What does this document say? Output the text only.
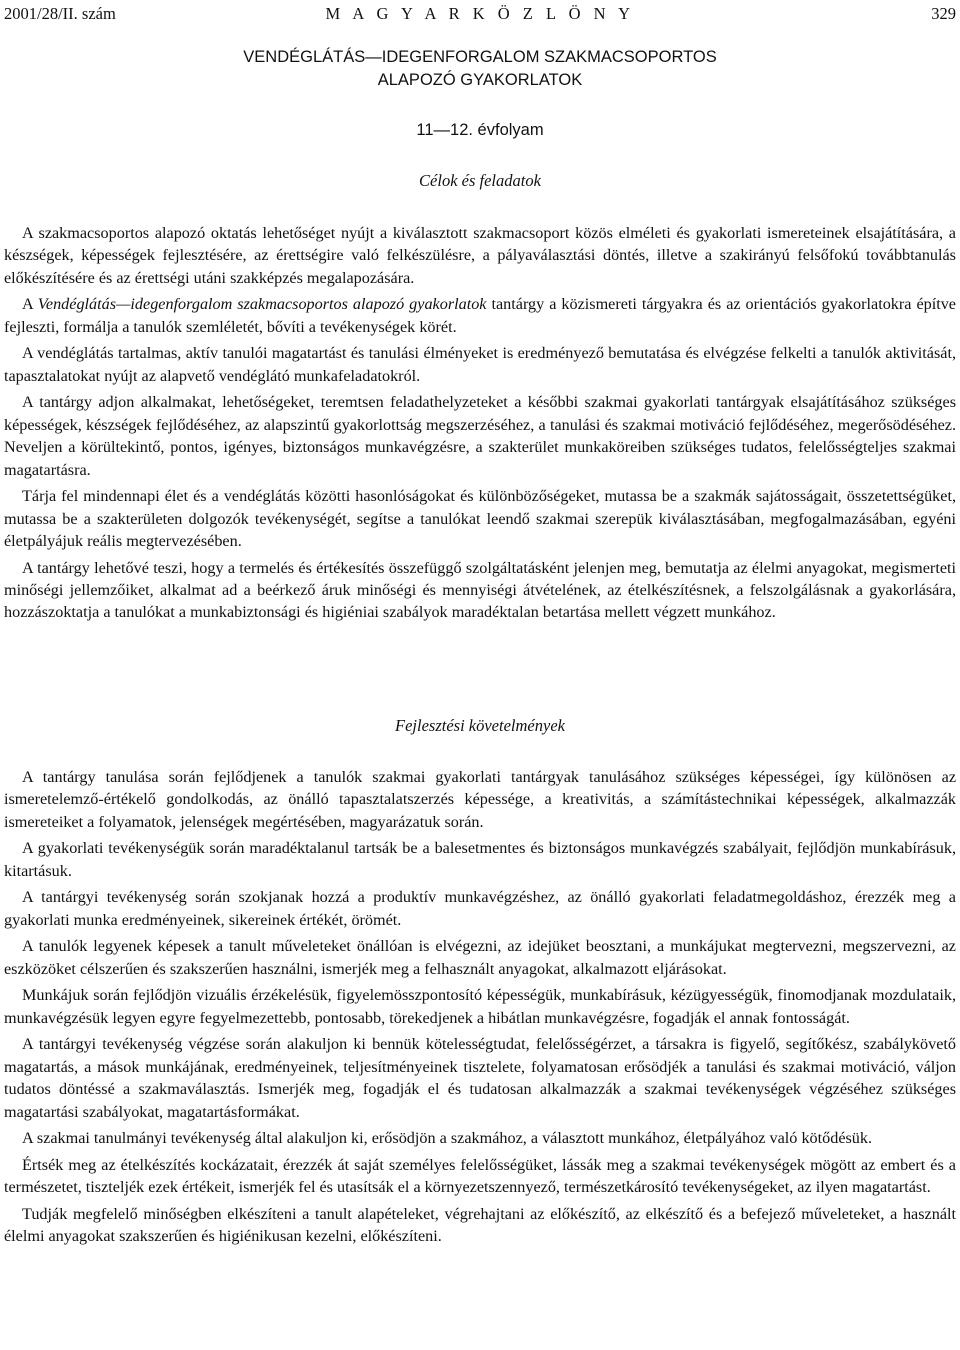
2001/28/II. szám	M A G Y A R K Ö Z L Ö N Y	329
VENDÉGLÁTÁS—IDEGENFORGALOM SZAKMACSOPORTOS
ALAPOZÓ GYAKORLATOK
11—12. évfolyam
Célok és feladatok

A szakmacsoportos alapozó oktatás lehetőséget nyújt a kiválasztott szakmacsoport közös elméleti és gyakorlati ismereteinek elsajátítására, a készségek, képességek fejlesztésére, az érettségire való felkészülésre, a pályaválasztási döntés, illetve a szakirányú felsőfokú továbbtanulás előkészítésére és az érettségi utáni szakképzés megalapozására.

A Vendéglátás—idegenforgalom szakmacsoportos alapozó gyakorlatok tantárgy a közismereti tárgyakra és az orientációs gyakorlatokra építve fejleszti, formálja a tanulók szemléletét, bővíti a tevékenységek körét.

A vendéglátás tartalmas, aktív tanulói magatartást és tanulási élményeket is eredményező bemutatása és elvégzése felkelti a tanulók aktivitását, tapasztalatokat nyújt az alapvető vendéglátó munkafeladatokról.

A tantárgy adjon alkalmakat, lehetőségeket, teremtsen feladathelyzeteket a későbbi szakmai gyakorlati tantárgyak elsajátításához szükséges képességek, készségek fejlődéséhez, az alapszintű gyakorlottság megszerzéséhez, a tanulási és szakmai motiváció fejlődéséhez, megerősödéséhez. Neveljen a körültekintő, pontos, igényes, biztonságos munkavégzésre, a szakterület munkaköreiben szükséges tudatos, felelősségteljes szakmai magatartásra.

Tárja fel mindennapi élet és a vendéglátás közötti hasonlóságokat és különbözőségeket, mutassa be a szakmák sajátosságait, összetettségüket, mutassa be a szakterületen dolgozók tevékenységét, segítse a tanulókat leendő szakmai szerepük kiválasztásában, megfogalmazásában, egyéni életpályájuk reális megtervezésében.

A tantárgy lehetővé teszi, hogy a termelés és értékesítés összefüggő szolgáltatásként jelenjen meg, bemutatja az élelmi anyagokat, megismerteti minőségi jellemzőiket, alkalmat ad a beérkező áruk minőségi és mennyiségi átvételének, az ételkészítésnek, a felszolgálásnak a gyakorlására, hozzászoktatja a tanulókat a munkabiztonsági és higiéniai szabályok maradéktalan betartása mellett végzett munkához.

Fejlesztési követelmények

A tantárgy tanulása során fejlődjenek a tanulók szakmai gyakorlati tantárgyak tanulásához szükséges képességei, így különösen az ismeretelemző-értékelő gondolkodás, az önálló tapasztalatszerzés képessége, a kreativitás, a számítástechnikai képességek, alkalmazzák ismereteiket a folyamatok, jelenségek megértésében, magyarázatuk során.

A gyakorlati tevékenységük során maradéktalanul tartsák be a balesetmentes és biztonságos munkavégzés szabályait, fejlődjön munkabírásuk, kitartásuk.

A tantárgyi tevékenység során szokjanak hozzá a produktív munkavégzéshez, az önálló gyakorlati feladatmegoldáshoz, érezzék meg a gyakorlati munka eredményeinek, sikereinek értékét, örömét.

A tanulók legyenek képesek a tanult műveleteket önállóan is elvégezni, az idejüket beosztani, a munkájukat megtervezni, megszervezni, az eszközöket célszerűen és szakszerűen használni, ismerjék meg a felhasznált anyagokat, alkalmazott eljárásokat.

Munkájuk során fejlődjön vizuális érzékelésük, figyelemösszpontosító képességük, munkabírásuk, kézügyességük, finomodjanak mozdulataik, munkavégzésük legyen egyre fegyelmezettebb, pontosabb, törekedjenek a hibátlan munkavégzésre, fogadják el annak fontosságát.

A tantárgyi tevékenység végzése során alakuljon ki bennük kötelességtudat, felelősségérzet, a társakra is figyelő, segítőkész, szabálykövető magatartás, a mások munkájának, eredményeinek, teljesítményeinek tisztelete, folyamatosan erősödjék a tanulási és szakmai motiváció, váljon tudatos döntéssé a szakmaválasztás. Ismerjék meg, fogadják el és tudatosan alkalmazzák a szakmai tevékenységek végzéséhez szükséges magatartási szabályokat, magatartásformákat.

A szakmai tanulmányi tevékenység által alakuljon ki, erősödjön a szakmához, a választott munkához, életpályához való kötődésük.

Értsék meg az ételkészítés kockázatait, érezzék át saját személyes felelősségüket, lássák meg a szakmai tevékenységek mögött az embert és a természetet, tiszteljék ezek értékeit, ismerjék fel és utasítsák el a környezetszennyező, természetkárosító tevékenységeket, az ilyen magatartást.

Tudják megfelelő minőségben elkészíteni a tanult alapételeket, végrehajtani az előkészítő, az elkészítő és a befejező műveleteket, a használt élelmi anyagokat szakszerűen és higiénikusan kezelni, előkészíteni.
